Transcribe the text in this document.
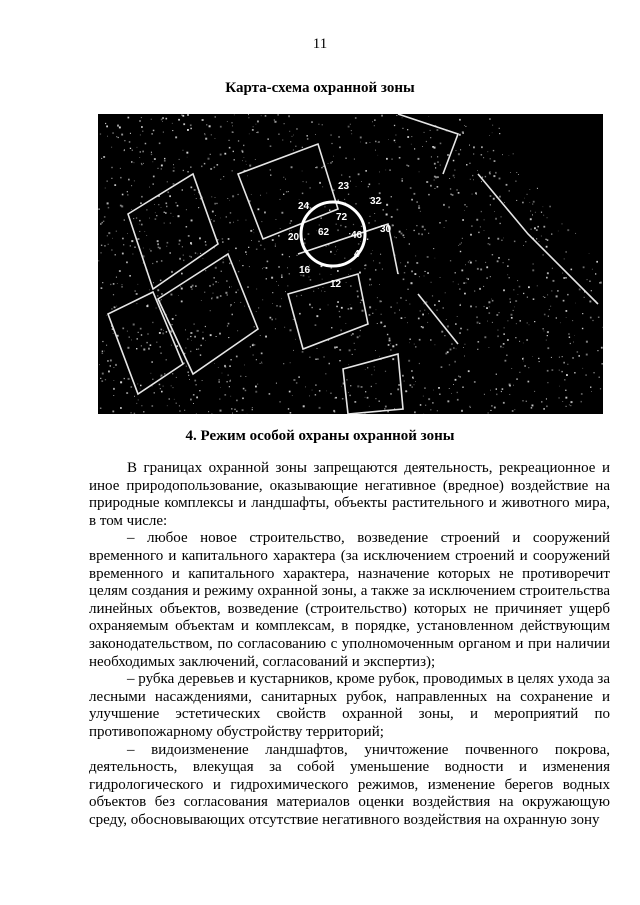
11
Карта-схема охранной зоны
24
23
32
20
72
62 46
30
16
12
4
4. Режим особой охраны охранной зоны

В границах охранной зоны запрещаются деятельность, рекреационное и иное природопользование, оказывающие негативное (вредное) воздействие на природные комплексы и ландшафты, объекты растительного и животного мира, в том числе:

– любое новое строительство, возведение строений и сооружений временного и капитального характера (за исключением строений и сооружений временного и капитального характера, назначение которых не противоречит целям создания и режиму охранной зоны, а также за исключением строительства линейных объектов, возведение (строительство) которых не причиняет ущерб охраняемым объектам и комплексам, в порядке, установленном действующим законодательством, по согласованию с уполномоченным органом и при наличии необходимых заключений, согласований и экспертиз);

– рубка деревьев и кустарников, кроме рубок, проводимых в целях ухода за лесными насаждениями, санитарных рубок, направленных на сохранение и улучшение эстетических свойств охранной зоны, и мероприятий по противопожарному обустройству территорий;

– видоизменение ландшафтов, уничтожение почвенного покрова, деятельность, влекущая за собой уменьшение водности и изменения гидрологического и гидрохимического режимов, изменение берегов водных объектов без согласования материалов оценки воздействия на окружающую среду, обосновывающих отсутствие негативного воздействия на охранную зону
